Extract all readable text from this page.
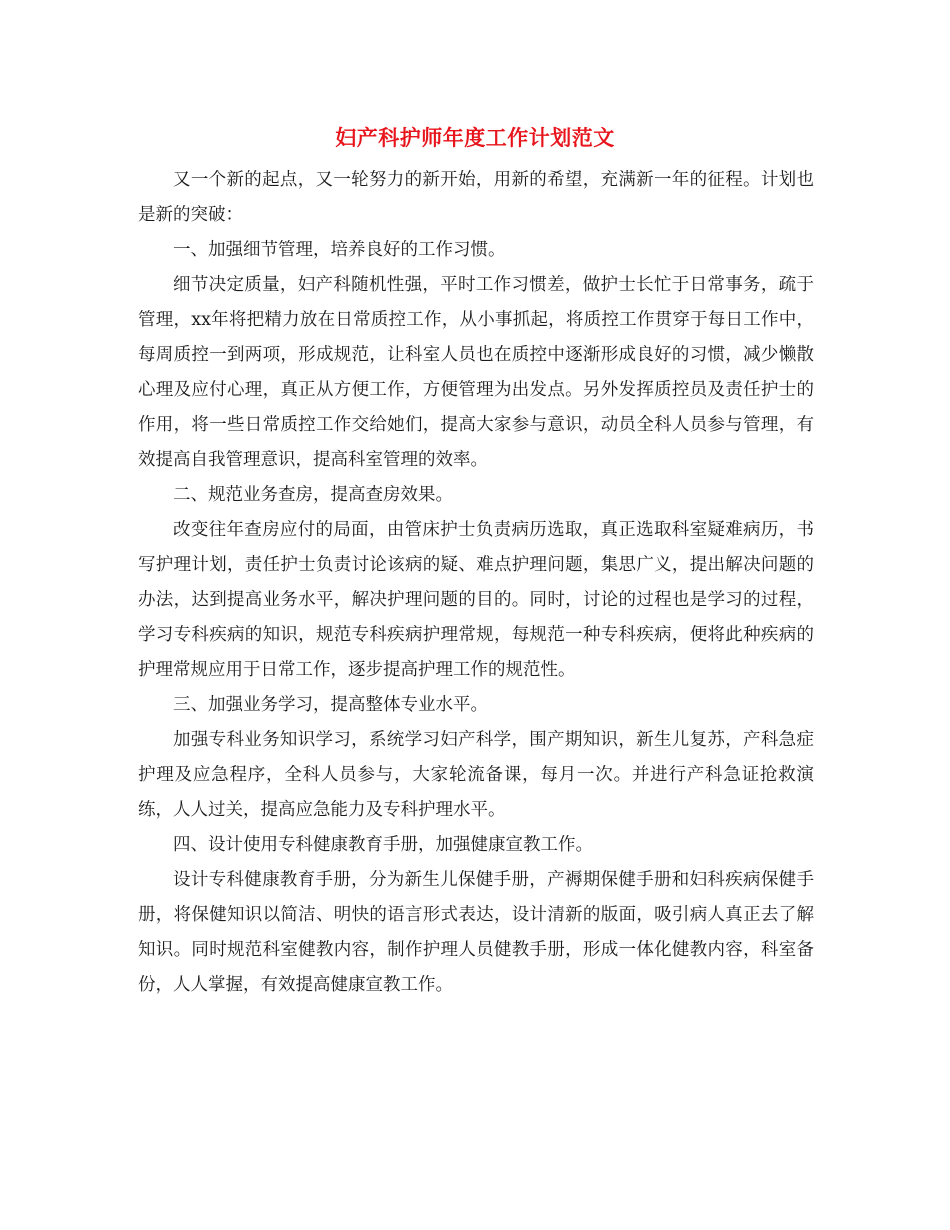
妇产科护师年度工作计划范文

又一个新的起点，又一轮努力的新开始，用新的希望，充满新一年的征程。计划也是新的突破：

一、加强细节管理，培养良好的工作习惯。

细节决定质量，妇产科随机性强，平时工作习惯差，做护士长忙于日常事务，疏于管理，xx年将把精力放在日常质控工作，从小事抓起，将质控工作贯穿于每日工作中，每周质控一到两项，形成规范，让科室人员也在质控中逐渐形成良好的习惯，减少懒散心理及应付心理，真正从方便工作，方便管理为出发点。另外发挥质控员及责任护士的作用，将一些日常质控工作交给她们，提高大家参与意识，动员全科人员参与管理，有效提高自我管理意识，提高科室管理的效率。

二、规范业务查房，提高查房效果。

改变往年查房应付的局面，由管床护士负责病历选取，真正选取科室疑难病历，书写护理计划，责任护士负责讨论该病的疑、难点护理问题，集思广义，提出解决问题的办法，达到提高业务水平，解决护理问题的目的。同时，讨论的过程也是学习的过程，学习专科疾病的知识，规范专科疾病护理常规，每规范一种专科疾病，便将此种疾病的护理常规应用于日常工作，逐步提高护理工作的规范性。

三、加强业务学习，提高整体专业水平。

加强专科业务知识学习，系统学习妇产科学，围产期知识，新生儿复苏，产科急症护理及应急程序，全科人员参与，大家轮流备课，每月一次。并进行产科急证抢救演练，人人过关，提高应急能力及专科护理水平。

四、设计使用专科健康教育手册，加强健康宣教工作。

设计专科健康教育手册，分为新生儿保健手册，产褥期保健手册和妇科疾病保健手册，将保健知识以简洁、明快的语言形式表达，设计清新的版面，吸引病人真正去了解知识。同时规范科室健教内容，制作护理人员健教手册，形成一体化健教内容，科室备份，人人掌握，有效提高健康宣教工作。
